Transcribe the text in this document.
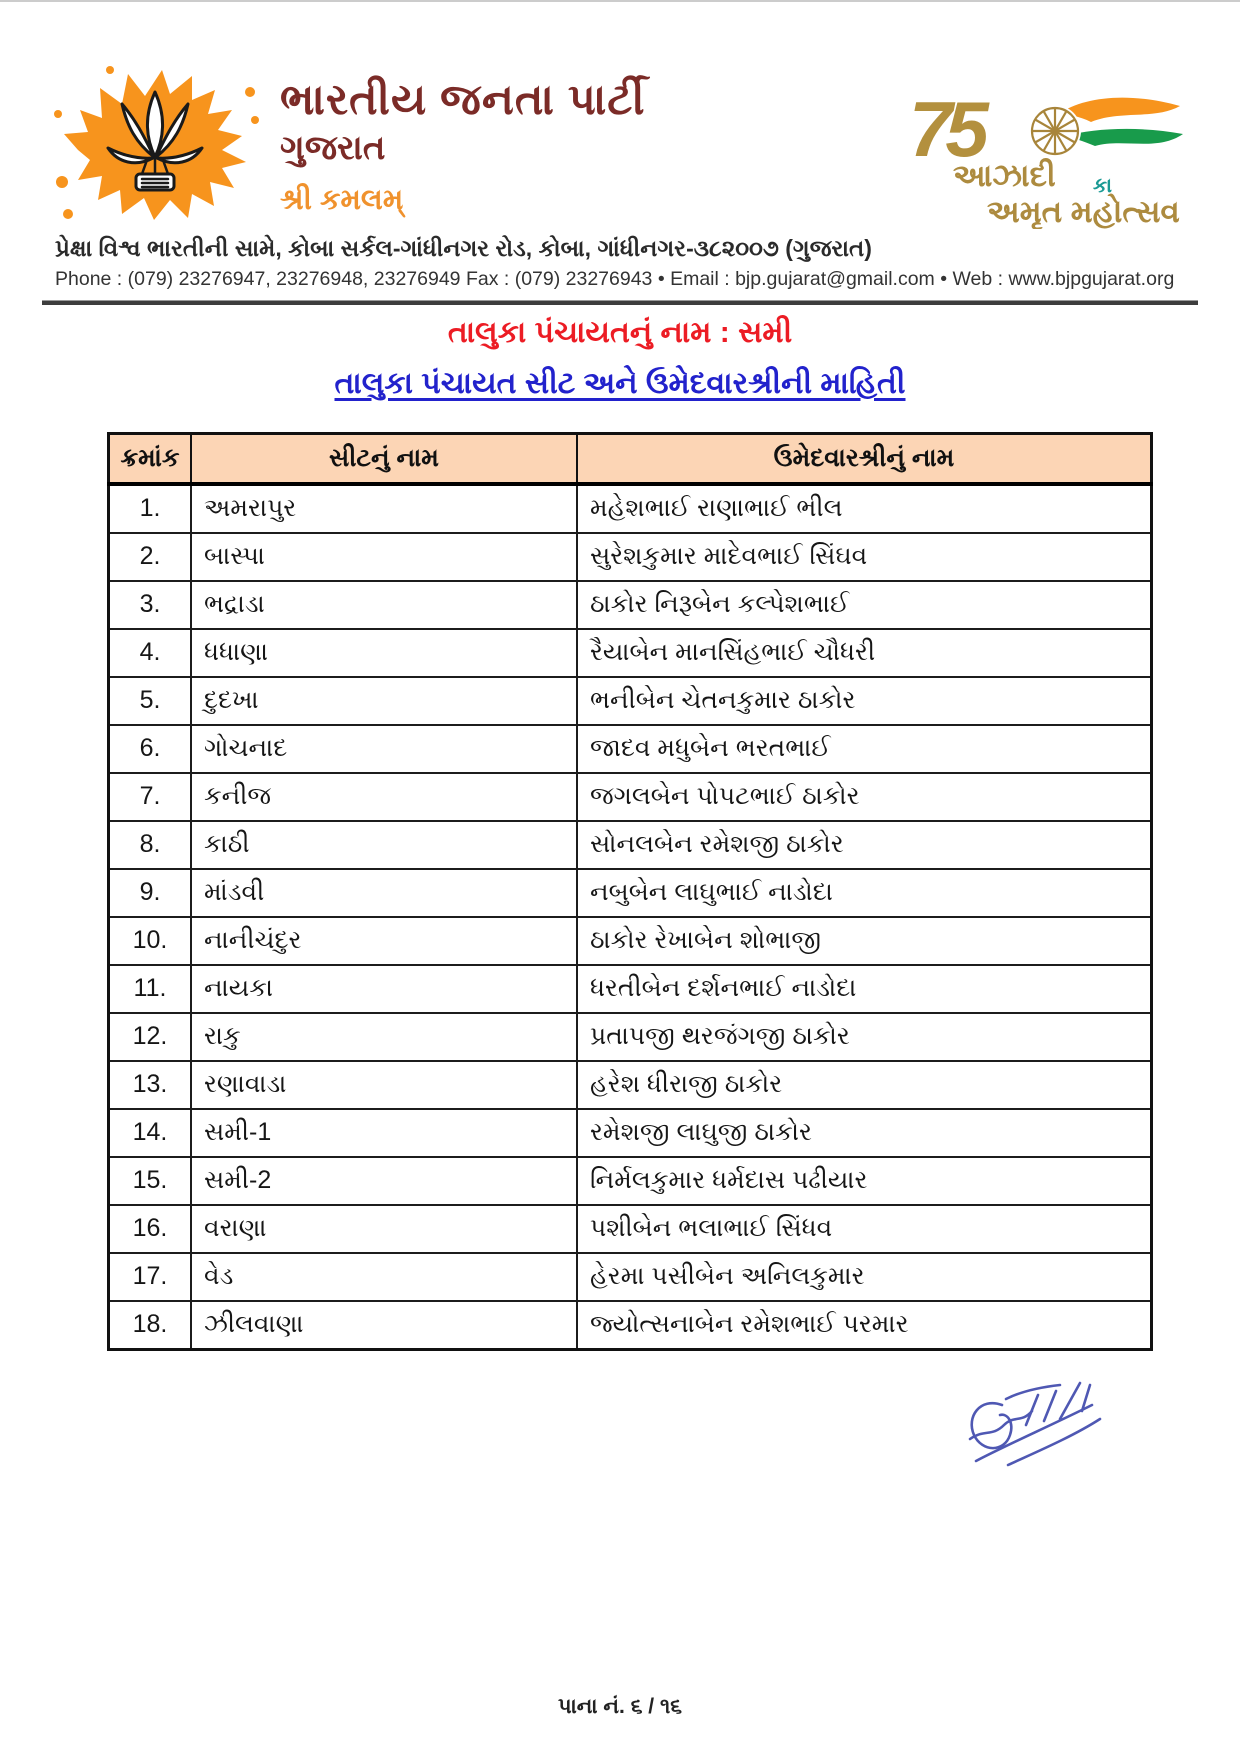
ભારતીય જનતા પાર્ટી
ગુજરાત
શ્રી કમલમ્
75
આઝાદી કા
અમૃત મહોત્સવ
પ્રેક્ષા વિશ્વ ભારતીની સામે, કોબા સર્કલ-ગાંધીનગર રોડ, કોબા, ગાંધીનગર-૩૮૨૦૦૭ (ગુજરાત)
Phone : (079) 23276947, 23276948, 23276949 Fax : (079) 23276943 • Email : bjp.gujarat@gmail.com • Web : www.bjpgujarat.org
તાલુકા પંચાયતનું નામ : સમી
તાલુકા પંચાયત સીટ અને ઉમેદવારશ્રીની માહિતી
ક્રમાંક	સીટનું નામ	ઉમેદવારશ્રીનું નામ
1.	અમરાપુર	મહેશભાઈ રાણાભાઈ ભીલ
2.	બાસ્પા	સુરેશકુમાર માદેવભાઈ સિંઘવ
3.	ભદ્રાડા	ઠાકોર નિરૂબેન કલ્પેશભાઈ
4.	ધધાણા	રૈયાબેન માનસિંહભાઈ ચૌધરી
5.	દુદખા	ભનીબેન ચેતનકુમાર ઠાકોર
6.	ગોચનાદ	જાદવ મધુબેન ભરતભાઈ
7.	કનીજ	જગલબેન પોપટભાઈ ઠાકોર
8.	કાઠી	સોનલબેન રમેશજી ઠાકોર
9.	માંડવી	નબુબેન લાઘુભાઈ નાડોદા
10.	નાનીચંદુર	ઠાકોર રેખાબેન શોભાજી
11.	નાયકા	ધરતીબેન દર્શનભાઈ નાડોદા
12.	રાકુ	પ્રતાપજી થરજંગજી ઠાકોર
13.	રણાવાડા	હરેશ ધીરાજી ઠાકોર
14.	સમી-1	રમેશજી લાઘુજી ઠાકોર
15.	સમી-2	નિર્મલકુમાર ધર્મદાસ પઢીયાર
16.	વરાણા	પશીબેન ભલાભાઈ સિંધવ
17.	વેડ	હેરમા પસીબેન અનિલકુમાર
18.	ઝીલવાણા	જ્યોત્સનાબેન રમેશભાઈ પરમાર
પાના નં. ૬ / ૧૬
